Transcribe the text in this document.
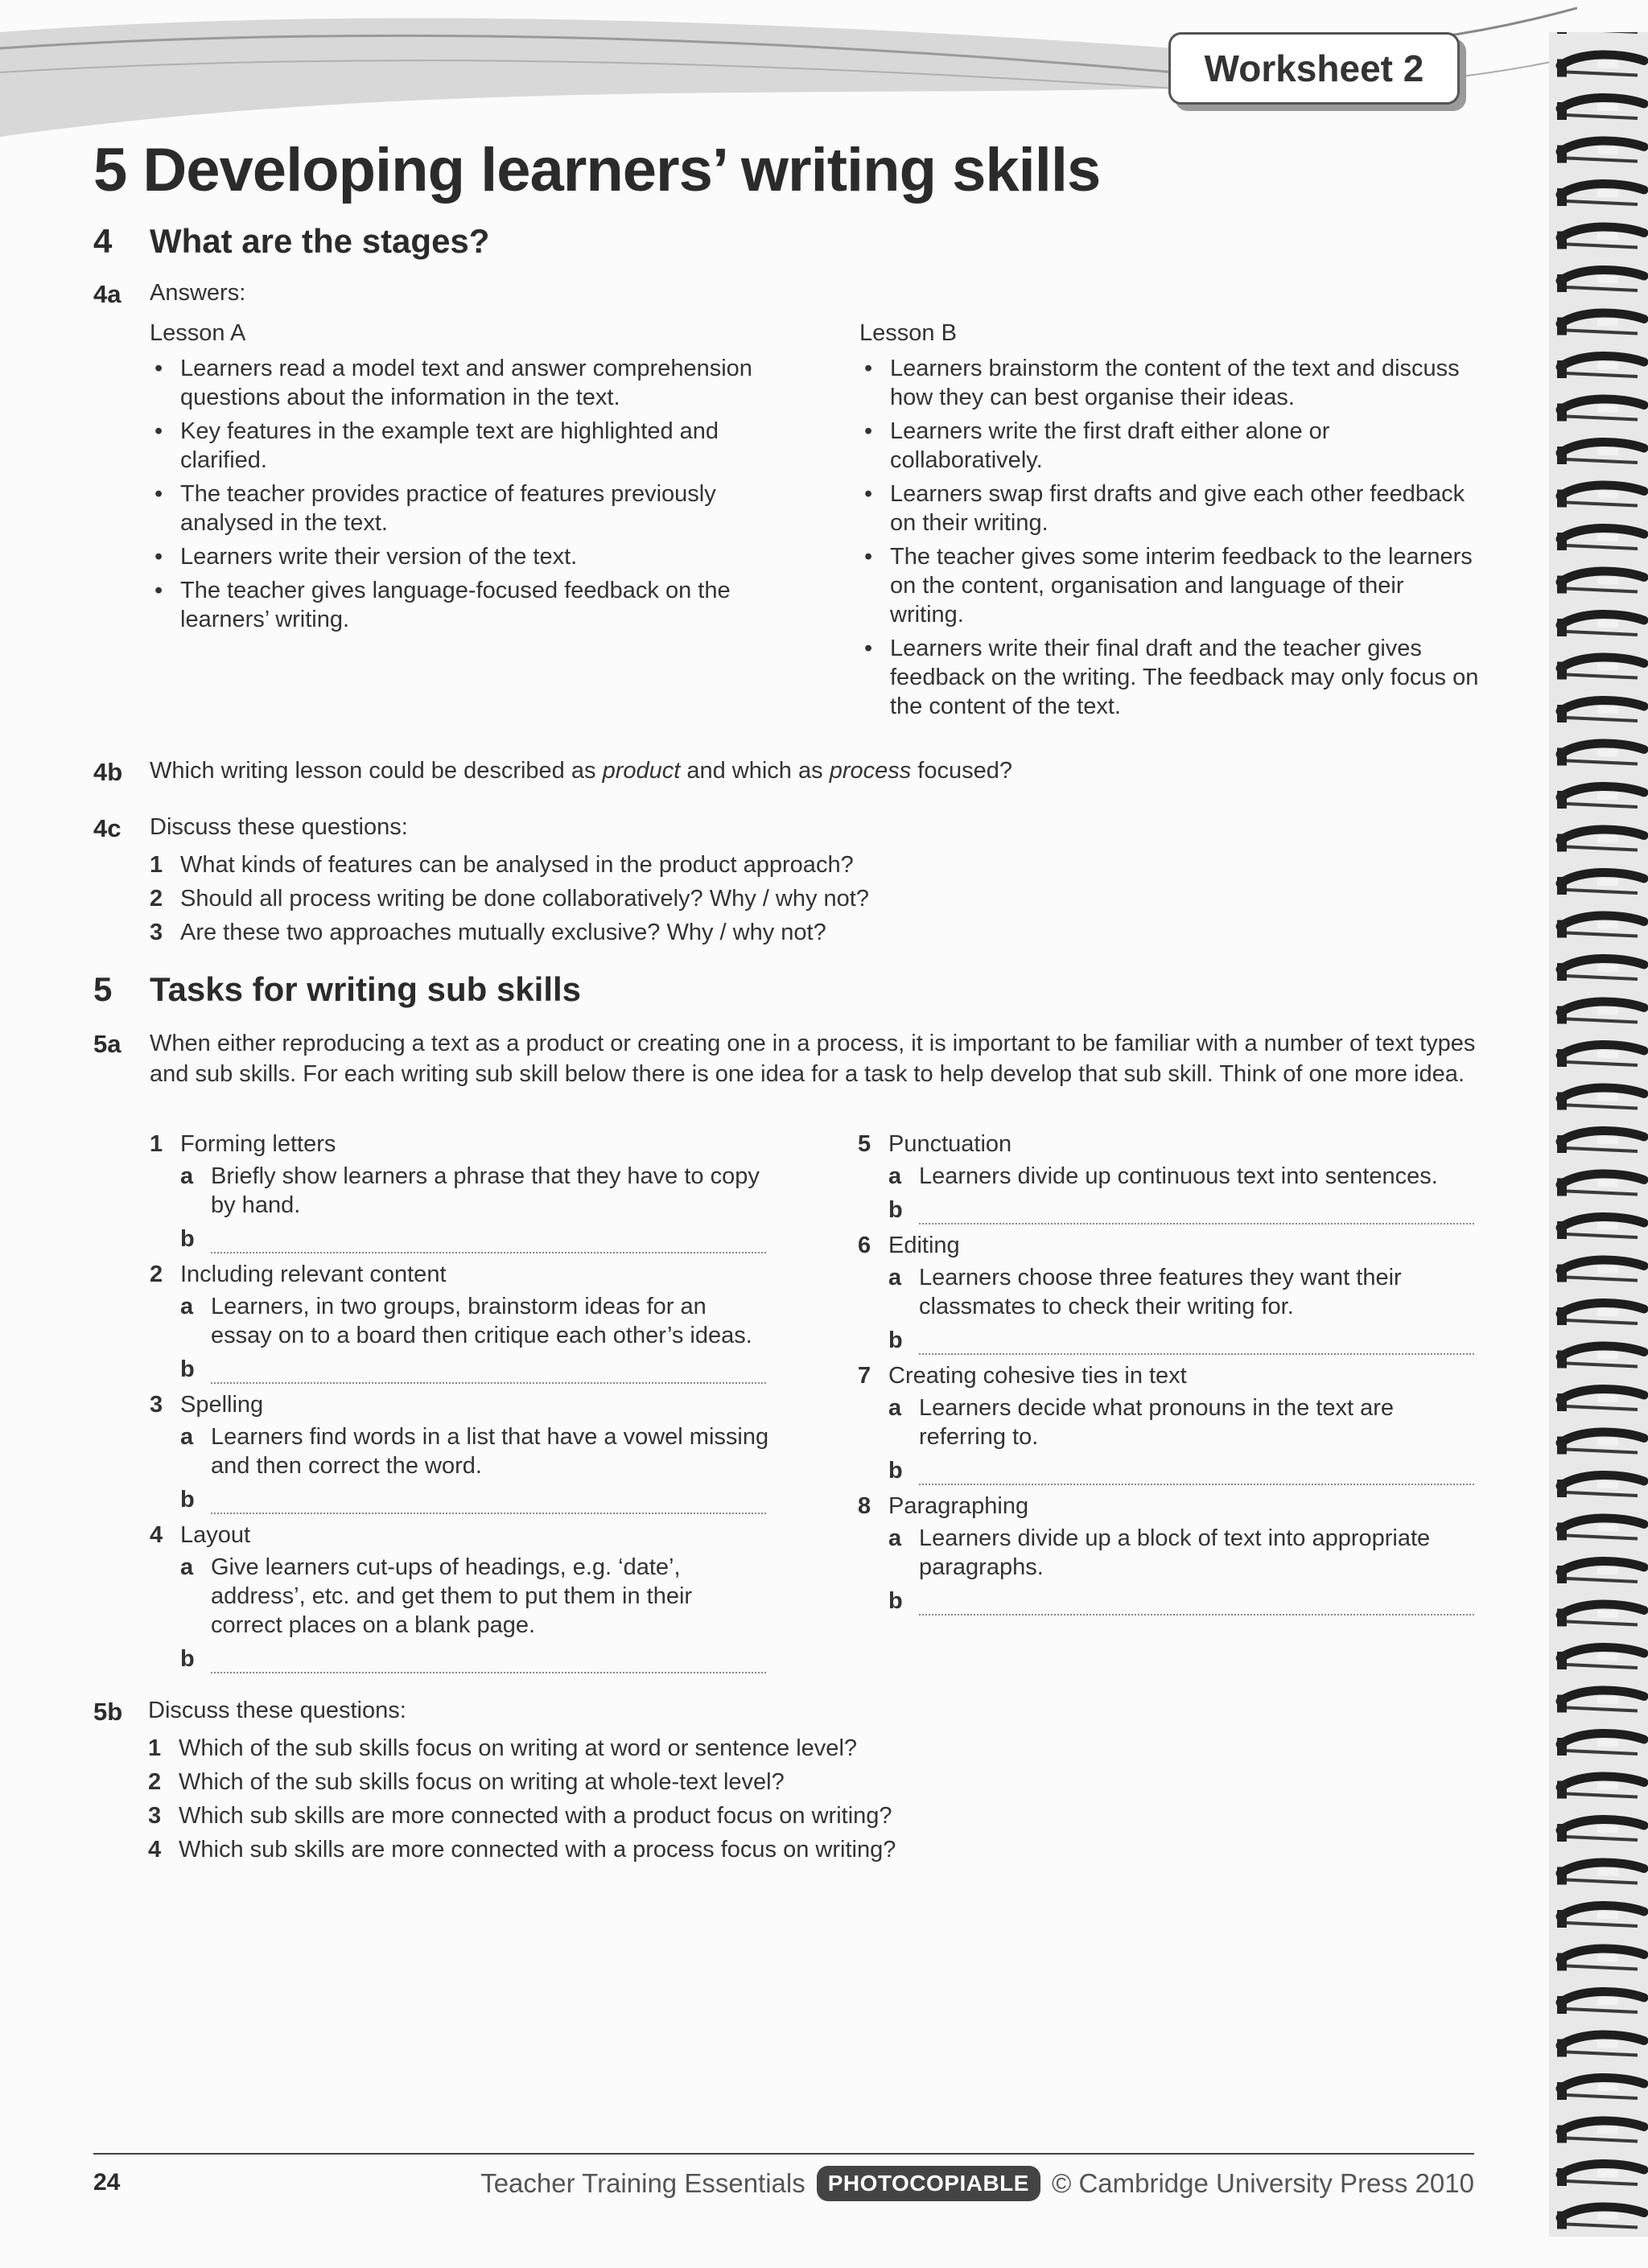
Worksheet 2
5 Developing learners’ writing skills
4 What are the stages?
4a Answers:
Lesson A
• Learners read a model text and answer comprehension questions about the information in the text.
• Key features in the example text are highlighted and clarified.
• The teacher provides practice of features previously analysed in the text.
• Learners write their version of the text.
• The teacher gives language-focused feedback on the learners’ writing.
Lesson B
• Learners brainstorm the content of the text and discuss how they can best organise their ideas.
• Learners write the first draft either alone or collaboratively.
• Learners swap first drafts and give each other feedback on their writing.
• The teacher gives some interim feedback to the learners on the content, organisation and language of their writing.
• Learners write their final draft and the teacher gives feedback on the writing. The feedback may only focus on the content of the text.
4b Which writing lesson could be described as product and which as process focused?
4c Discuss these questions:
1 What kinds of features can be analysed in the product approach?
2 Should all process writing be done collaboratively? Why / why not?
3 Are these two approaches mutually exclusive? Why / why not?
5 Tasks for writing sub skills
5a When either reproducing a text as a product or creating one in a process, it is important to be familiar with a number of text types and sub skills. For each writing sub skill below there is one idea for a task to help develop that sub skill. Think of one more idea.
1 Forming letters
a Briefly show learners a phrase that they have to copy by hand.
b
2 Including relevant content
a Learners, in two groups, brainstorm ideas for an essay on to a board then critique each other’s ideas.
b
3 Spelling
a Learners find words in a list that have a vowel missing and then correct the word.
b
4 Layout
a Give learners cut-ups of headings, e.g. ‘date’, address’, etc. and get them to put them in their correct places on a blank page.
b
5 Punctuation
a Learners divide up continuous text into sentences.
b
6 Editing
a Learners choose three features they want their classmates to check their writing for.
b
7 Creating cohesive ties in text
a Learners decide what pronouns in the text are referring to.
b
8 Paragraphing
a Learners divide up a block of text into appropriate paragraphs.
b
5b Discuss these questions:
1 Which of the sub skills focus on writing at word or sentence level?
2 Which of the sub skills focus on writing at whole-text level?
3 Which sub skills are more connected with a product focus on writing?
4 Which sub skills are more connected with a process focus on writing?
24	Teacher Training Essentials	PHOTOCOPIABLE © Cambridge University Press 2010
